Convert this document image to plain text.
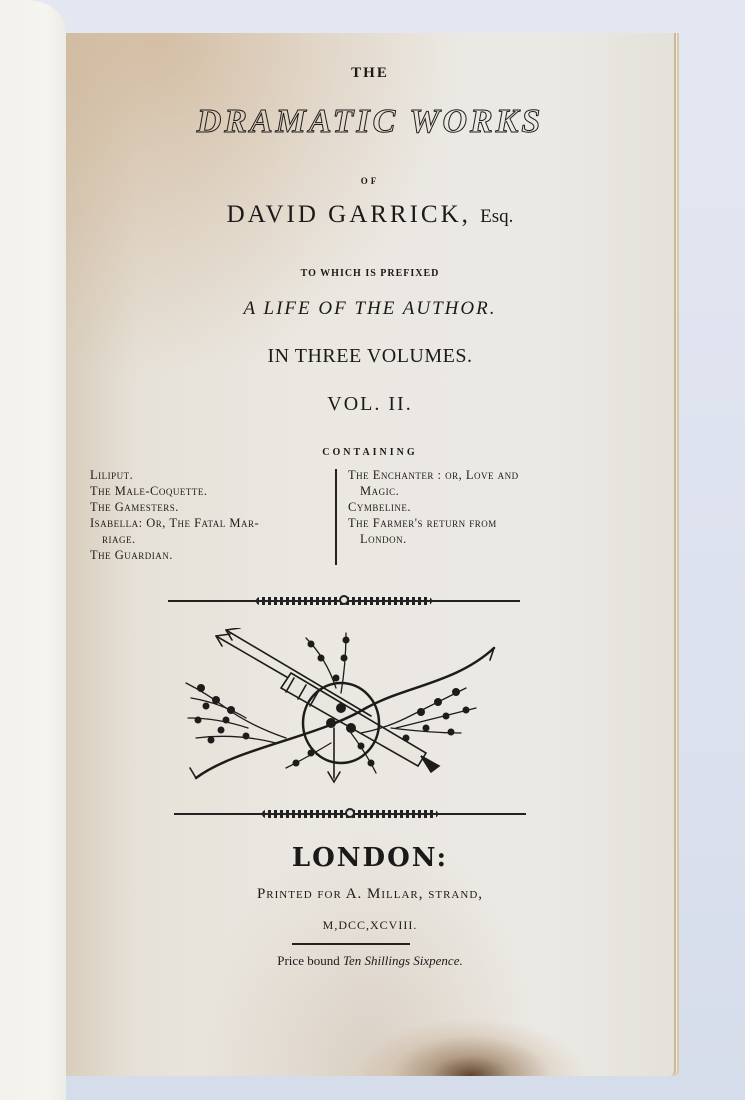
THE
DRAMATIC WORKS
OF
DAVID GARRICK, Esq.
TO WHICH IS PREFIXED
A LIFE OF THE AUTHOR.
IN THREE VOLUMES.
VOL. II.
CONTAINING
Liliput.
The Male-Coquette.
The Gamesters.
Isabella: Or, The Fatal Mar-
riage.
The Guardian.
The Enchanter : or, Love and
Magic.
Cymbeline.
The Farmer's return from
London.
LONDON:
Printed for A. Millar, strand,
M,DCC,XCVIII.
Price bound Ten Shillings Sixpence.
